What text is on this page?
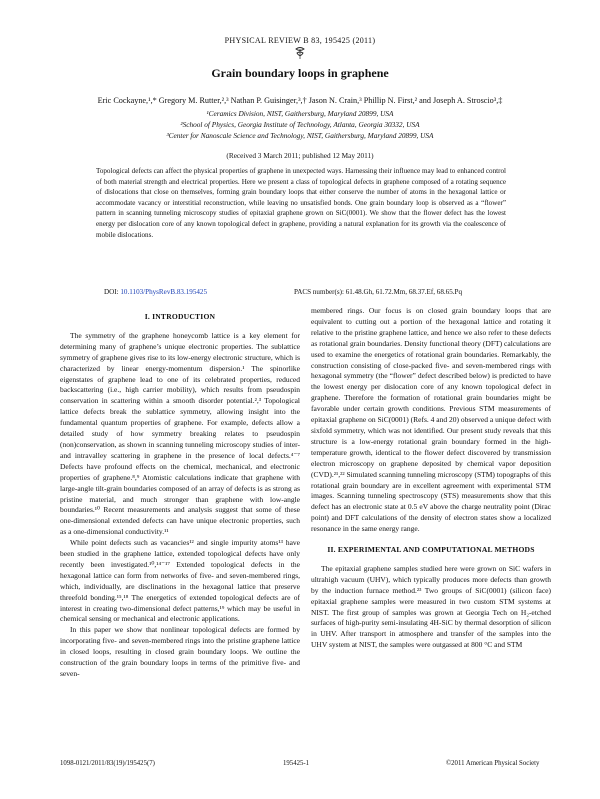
PHYSICAL REVIEW B 83, 195425 (2011)
Grain boundary loops in graphene
Eric Cockayne,¹,* Gregory M. Rutter,²,³ Nathan P. Guisinger,³,† Jason N. Crain,³ Phillip N. First,² and Joseph A. Stroscio³,‡
¹Ceramics Division, NIST, Gaithersburg, Maryland 20899, USA
²School of Physics, Georgia Institute of Technology, Atlanta, Georgia 30332, USA
³Center for Nanoscale Science and Technology, NIST, Gaithersburg, Maryland 20899, USA
(Received 3 March 2011; published 12 May 2011)
Topological defects can affect the physical properties of graphene in unexpected ways. Harnessing their influence may lead to enhanced control of both material strength and electrical properties. Here we present a class of topological defects in graphene composed of a rotating sequence of dislocations that close on themselves, forming grain boundary loops that either conserve the number of atoms in the hexagonal lattice or accommodate vacancy or interstitial reconstruction, while leaving no unsatisfied bonds. One grain boundary loop is observed as a “flower” pattern in scanning tunneling microscopy studies of epitaxial graphene grown on SiC(0001). We show that the flower defect has the lowest energy per dislocation core of any known topological defect in graphene, providing a natural explanation for its growth via the coalescence of mobile dislocations.
DOI: 10.1103/PhysRevB.83.195425	PACS number(s): 61.48.Gh, 61.72.Mm, 68.37.Ef, 68.65.Pq
I. INTRODUCTION

The symmetry of the graphene honeycomb lattice is a key element for determining many of graphene’s unique electronic properties. The sublattice symmetry of graphene gives rise to its low-energy electronic structure, which is characterized by linear energy-momentum dispersion.¹ The spinorlike eigenstates of graphene lead to one of its celebrated properties, reduced backscattering (i.e., high carrier mobility), which results from pseudospin conservation in scattering within a smooth disorder potential.²,³ Topological lattice defects break the sublattice symmetry, allowing insight into the fundamental quantum properties of graphene. For example, defects allow a detailed study of how symmetry breaking relates to pseudospin (non)conservation, as shown in scanning tunneling microscopy studies of inter- and intravalley scattering in graphene in the presence of local defects.⁴⁻⁷ Defects have profound effects on the chemical, mechanical, and electronic properties of graphene.⁸,⁹ Atomistic calculations indicate that graphene with large-angle tilt-grain boundaries composed of an array of defects is as strong as pristine material, and much stronger than graphene with low-angle boundaries.¹⁰ Recent measurements and analysis suggest that some of these one-dimensional extended defects can have unique electronic properties, such as a one-dimensional conductivity.¹¹

While point defects such as vacancies¹² and single impurity atoms¹³ have been studied in the graphene lattice, extended topological defects have only recently been investigated.¹⁰,¹⁴⁻¹⁷ Extended topological defects in the hexagonal lattice can form from networks of five- and seven-membered rings, which, individually, are disclinations in the hexagonal lattice that preserve threefold bonding.¹⁵,¹⁸ The energetics of extended topological defects are of interest in creating two-dimensional defect patterns,¹⁹ which may be useful in chemical sensing or mechanical and electronic applications.

In this paper we show that nonlinear topological defects are formed by incorporating five- and seven-membered rings into the pristine graphene lattice in closed loops, resulting in closed grain boundary loops. We outline the construction of the grain boundary loops in terms of the primitive five- and seven-

membered rings. Our focus is on closed grain boundary loops that are equivalent to cutting out a portion of the hexagonal lattice and rotating it relative to the pristine graphene lattice, and hence we also refer to these defects as rotational grain boundaries. Density functional theory (DFT) calculations are used to examine the energetics of rotational grain boundaries. Remarkably, the construction consisting of close-packed five- and seven-membered rings with hexagonal symmetry (the “flower” defect described below) is predicted to have the lowest energy per dislocation core of any known topological defect in graphene. Therefore the formation of rotational grain boundaries might be favorable under certain growth conditions. Previous STM measurements of epitaxial graphene on SiC(0001) (Refs. 4 and 20) observed a unique defect with sixfold symmetry, which was not identified. Our present study reveals that this structure is a low-energy rotational grain boundary formed in the high-temperature growth, identical to the flower defect discovered by transmission electron microscopy on graphene deposited by chemical vapor deposition (CVD).²¹,²² Simulated scanning tunneling microscopy (STM) topographs of this rotational grain boundary are in excellent agreement with experimental STM images. Scanning tunneling spectroscopy (STS) measurements show that this defect has an electronic state at 0.5 eV above the charge neutrality point (Dirac point) and DFT calculations of the density of electron states show a localized resonance in the same energy range.

II. EXPERIMENTAL AND COMPUTATIONAL METHODS

The epitaxial graphene samples studied here were grown on SiC wafers in ultrahigh vacuum (UHV), which typically produces more defects than growth by the induction furnace method.²³ Two groups of SiC(0001) (silicon face) epitaxial graphene samples were measured in two custom STM systems at NIST. The first group of samples was grown at Georgia Tech on H₂-etched surfaces of high-purity semi-insulating 4H-SiC by thermal desorption of silicon in UHV. After transport in atmosphere and transfer of the samples into the UHV system at NIST, the samples were outgassed at 800 °C and STM

1098-0121/2011/83(19)/195425(7)	195425-1	©2011 American Physical Society
